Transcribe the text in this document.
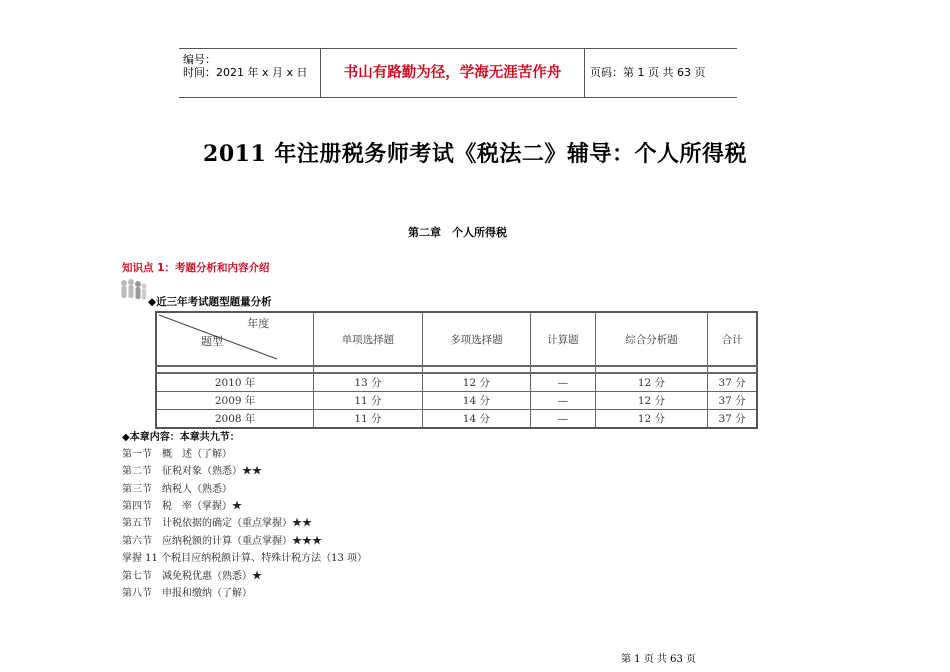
编号：
时间：2021 年 x 月 x 日	书山有路勤为径，学海无涯苦作舟	页码：第 1 页 共 63 页
2011 年注册税务师考试《税法二》辅导：个人所得税
第二章　个人所得税
知识点 1：考题分析和内容介绍
◆近三年考试题型题量分析
年度
题型	单项选择题	多项选择题	计算题	综合分析题	合计

2010 年	13 分	12 分	—	12 分	37 分
2009 年	11 分	14 分	—	12 分	37 分
2008 年	11 分	14 分	—	12 分	37 分
◆本章内容：本章共九节：
第一节 概　述（了解）
第二节 征税对象（熟悉）★★
第三节 纳税人（熟悉）
第四节 税　率（掌握）★
第五节 计税依据的确定（重点掌握）★★
第六节 应纳税额的计算（重点掌握）★★★
掌握 11 个税目应纳税额计算、特殊计税方法（13 项）
第七节 减免税优惠（熟悉）★
第八节 申报和缴纳（了解）
第 1 页 共 63 页
